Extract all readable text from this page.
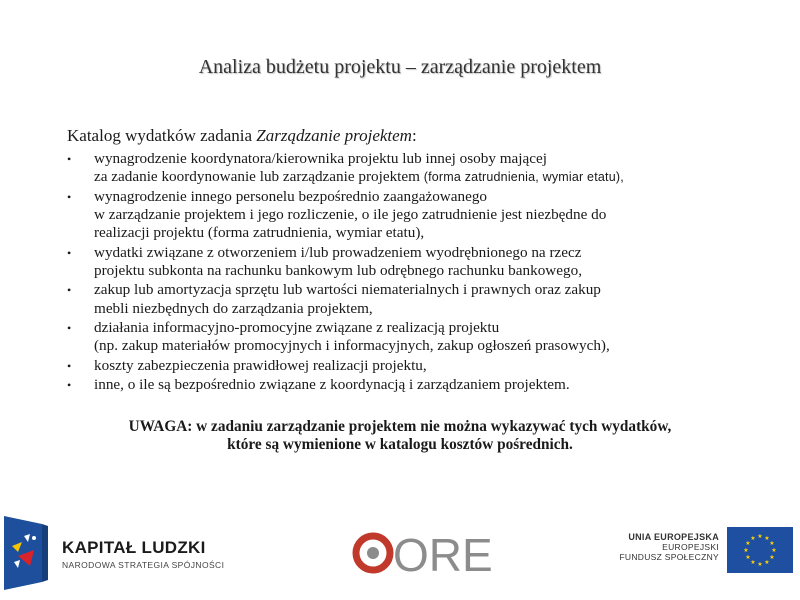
Analiza budżetu projektu – zarządzanie projektem
Katalog wydatków zadania Zarządzanie projektem:
• wynagrodzenie koordynatora/kierownika projektu lub innej osoby mającej
za zadanie koordynowanie lub zarządzanie projektem (forma zatrudnienia, wymiar etatu),
• wynagrodzenie innego personelu bezpośrednio zaangażowanego
w zarządzanie projektem i jego rozliczenie, o ile jego zatrudnienie jest niezbędne do
realizacji projektu (forma zatrudnienia, wymiar etatu),
• wydatki związane z otworzeniem i/lub prowadzeniem wyodrębnionego na rzecz
projektu subkonta na rachunku bankowym lub odrębnego rachunku bankowego,
• zakup lub amortyzacja sprzętu lub wartości niematerialnych i prawnych oraz zakup
mebli niezbędnych do zarządzania projektem,
• działania informacyjno-promocyjne związane z realizacją projektu
(np. zakup materiałów promocyjnych i informacyjnych, zakup ogłoszeń prasowych),
• koszty zabezpieczenia prawidłowej realizacji projektu,
• inne, o ile są bezpośrednio związane z koordynacją i zarządzaniem projektem.
UWAGA: w zadaniu zarządzanie projektem nie można wykazywać tych wydatków,
które są wymienione w katalogu kosztów pośrednich.
KAPITAŁ LUDZKI
NARODOWA STRATEGIA SPÓJNOŚCI	ORE	UNIA EUROPEJSKA
EUROPEJSKI
FUNDUSZ SPOŁECZNY
★ ★
★
★
★
★
★
★
★
★
★
★
